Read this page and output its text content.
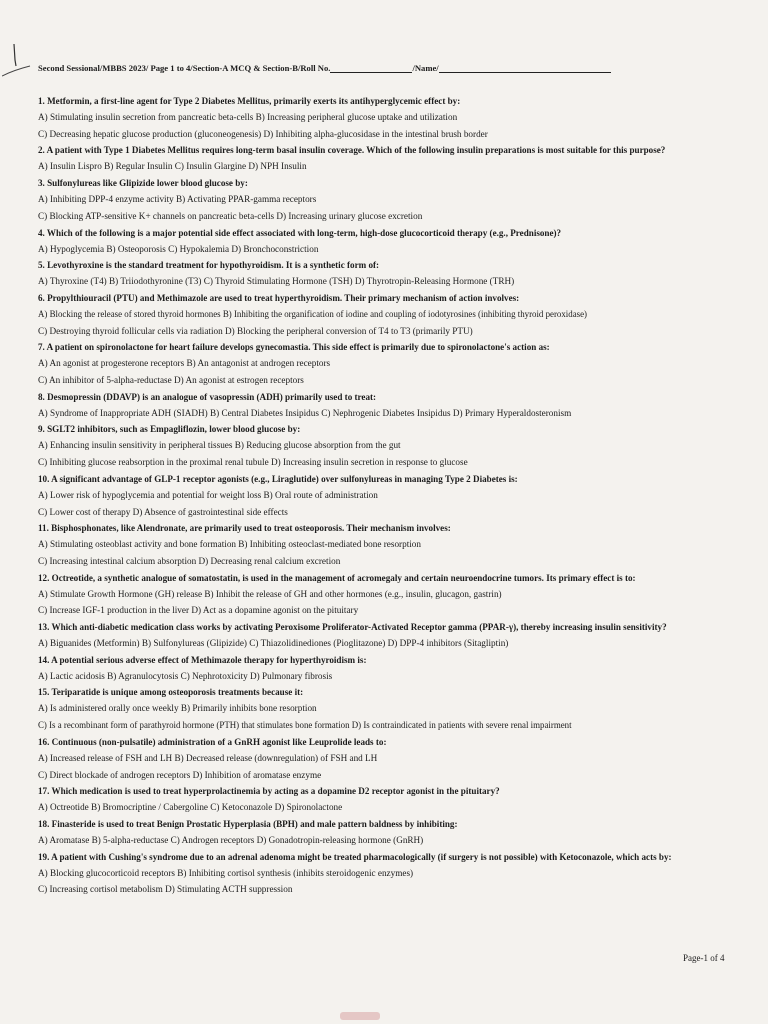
Second Sessional/MBBS 2023/ Page 1 to 4/Section-A MCQ & Section-B/Roll No.	/Name/
1. Metformin, a first-line agent for Type 2 Diabetes Mellitus, primarily exerts its antihyperglycemic effect by:
A) Stimulating insulin secretion from pancreatic beta-cells B) Increasing peripheral glucose uptake and utilization
C) Decreasing hepatic glucose production (gluconeogenesis) D) Inhibiting alpha-glucosidase in the intestinal brush border
2. A patient with Type 1 Diabetes Mellitus requires long-term basal insulin coverage. Which of the following insulin preparations is most suitable for this purpose?
A) Insulin Lispro B) Regular Insulin C) Insulin Glargine D) NPH Insulin
3. Sulfonylureas like Glipizide lower blood glucose by:
A) Inhibiting DPP-4 enzyme activity B) Activating PPAR-gamma receptors
C) Blocking ATP-sensitive K+ channels on pancreatic beta-cells D) Increasing urinary glucose excretion
4. Which of the following is a major potential side effect associated with long-term, high-dose glucocorticoid therapy (e.g., Prednisone)?
A) Hypoglycemia B) Osteoporosis C) Hypokalemia D) Bronchoconstriction
5. Levothyroxine is the standard treatment for hypothyroidism. It is a synthetic form of:
A) Thyroxine (T4) B) Triiodothyronine (T3) C) Thyroid Stimulating Hormone (TSH) D) Thyrotropin-Releasing Hormone (TRH)
6. Propylthiouracil (PTU) and Methimazole are used to treat hyperthyroidism. Their primary mechanism of action involves:
A) Blocking the release of stored thyroid hormones B) Inhibiting the organification of iodine and coupling of iodotyrosines (inhibiting thyroid peroxidase)
C) Destroying thyroid follicular cells via radiation D) Blocking the peripheral conversion of T4 to T3 (primarily PTU)
7. A patient on spironolactone for heart failure develops gynecomastia. This side effect is primarily due to spironolactone's action as:
A) An agonist at progesterone receptors B) An antagonist at androgen receptors
C) An inhibitor of 5-alpha-reductase D) An agonist at estrogen receptors
8. Desmopressin (DDAVP) is an analogue of vasopressin (ADH) primarily used to treat:
A) Syndrome of Inappropriate ADH (SIADH) B) Central Diabetes Insipidus C) Nephrogenic Diabetes Insipidus D) Primary Hyperaldosteronism
9. SGLT2 inhibitors, such as Empagliflozin, lower blood glucose by:
A) Enhancing insulin sensitivity in peripheral tissues B) Reducing glucose absorption from the gut
C) Inhibiting glucose reabsorption in the proximal renal tubule D) Increasing insulin secretion in response to glucose
10. A significant advantage of GLP-1 receptor agonists (e.g., Liraglutide) over sulfonylureas in managing Type 2 Diabetes is:
A) Lower risk of hypoglycemia and potential for weight loss B) Oral route of administration
C) Lower cost of therapy D) Absence of gastrointestinal side effects
11. Bisphosphonates, like Alendronate, are primarily used to treat osteoporosis. Their mechanism involves:
A) Stimulating osteoblast activity and bone formation B) Inhibiting osteoclast-mediated bone resorption
C) Increasing intestinal calcium absorption D) Decreasing renal calcium excretion
12. Octreotide, a synthetic analogue of somatostatin, is used in the management of acromegaly and certain neuroendocrine tumors. Its primary effect is to:
A) Stimulate Growth Hormone (GH) release B) Inhibit the release of GH and other hormones (e.g., insulin, glucagon, gastrin)
C) Increase IGF-1 production in the liver D) Act as a dopamine agonist on the pituitary
13. Which anti-diabetic medication class works by activating Peroxisome Proliferator-Activated Receptor gamma (PPAR-γ), thereby increasing insulin sensitivity?
A) Biguanides (Metformin) B) Sulfonylureas (Glipizide) C) Thiazolidinediones (Pioglitazone) D) DPP-4 inhibitors (Sitagliptin)
14. A potential serious adverse effect of Methimazole therapy for hyperthyroidism is:
A) Lactic acidosis B) Agranulocytosis C) Nephrotoxicity D) Pulmonary fibrosis
15. Teriparatide is unique among osteoporosis treatments because it:
A) Is administered orally once weekly B) Primarily inhibits bone resorption
C) Is a recombinant form of parathyroid hormone (PTH) that stimulates bone formation D) Is contraindicated in patients with severe renal impairment
16. Continuous (non-pulsatile) administration of a GnRH agonist like Leuprolide leads to:
A) Increased release of FSH and LH B) Decreased release (downregulation) of FSH and LH
C) Direct blockade of androgen receptors D) Inhibition of aromatase enzyme
17. Which medication is used to treat hyperprolactinemia by acting as a dopamine D2 receptor agonist in the pituitary?
A) Octreotide B) Bromocriptine / Cabergoline C) Ketoconazole D) Spironolactone
18. Finasteride is used to treat Benign Prostatic Hyperplasia (BPH) and male pattern baldness by inhibiting:
A) Aromatase B) 5-alpha-reductase C) Androgen receptors D) Gonadotropin-releasing hormone (GnRH)
19. A patient with Cushing's syndrome due to an adrenal adenoma might be treated pharmacologically (if surgery is not possible) with Ketoconazole, which acts by:
A) Blocking glucocorticoid receptors B) Inhibiting cortisol synthesis (inhibits steroidogenic enzymes)
C) Increasing cortisol metabolism D) Stimulating ACTH suppression
Page-1 of 4
